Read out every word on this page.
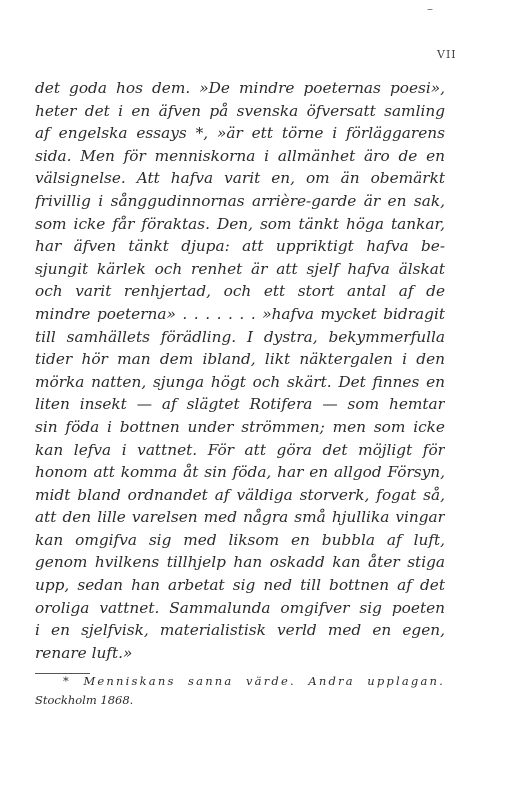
–
VII
det goda hos dem. »De mindre poeternas poesi»,
heter det i en äfven på svenska öfversatt samling
af engelska essays *, »är ett törne i förläggarens
sida. Men för menniskorna i allmänhet äro de en
välsignelse. Att hafva varit en, om än obemärkt
frivillig i sånggudinnornas arrière-garde är en sak,
som icke får föraktas. Den, som tänkt höga tankar,
har äfven tänkt djupa: att uppriktigt hafva be-
sjungit kärlek och renhet är att sjelf hafva älskat
och varit renhjertad, och ett stort antal af de
mindre poeterna» . . . . . . . »hafva mycket bidragit
till samhällets förädling. I dystra, bekymmerfulla
tider hör man dem ibland, likt näktergalen i den
mörka natten, sjunga högt och skärt. Det finnes en
liten insekt — af slägtet Rotifera — som hemtar
sin föda i bottnen under strömmen; men som icke
kan lefva i vattnet. För att göra det möjligt för
honom att komma åt sin föda, har en allgod Försyn,
midt bland ordnandet af väldiga storverk, fogat så,
att den lille varelsen med några små hjullika vingar
kan omgifva sig med liksom en bubbla af luft,
genom hvilkens tillhjelp han oskadd kan åter stiga
upp, sedan han arbetat sig ned till bottnen af det
oroliga vattnet. Sammalunda omgifver sig poeten
i en sjelfvisk, materialistisk verld med en egen,
renare luft.»
* Menniskans sanna värde. Andra upplagan.
Stockholm 1868.
